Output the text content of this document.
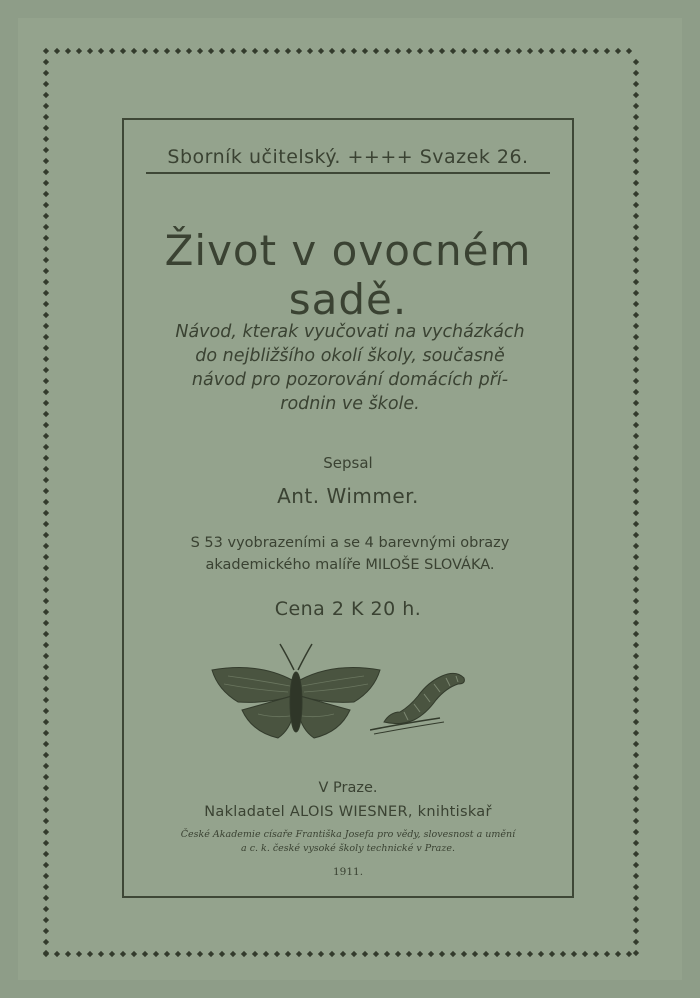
Sborník učitelský. ++++ Svazek 26.
Život v ovocném sadě.
Návod, kterak vyučovati na vycházkách
do nejbližšího okolí školy, současně
návod pro pozorování domácích pří-
rodnin ve škole.
Sepsal
Ant. Wimmer.
S 53 vyobrazeními a se 4 barevnými obrazy
akademického malíře MILOŠE SLOVÁKA.
Cena 2 K 20 h.
V Praze.
Nakladatel ALOIS WIESNER, knihtiskař
České Akademie císaře Františka Josefa pro vědy, slovesnost a umění
a c. k. české vysoké školy technické v Praze.
1911.
